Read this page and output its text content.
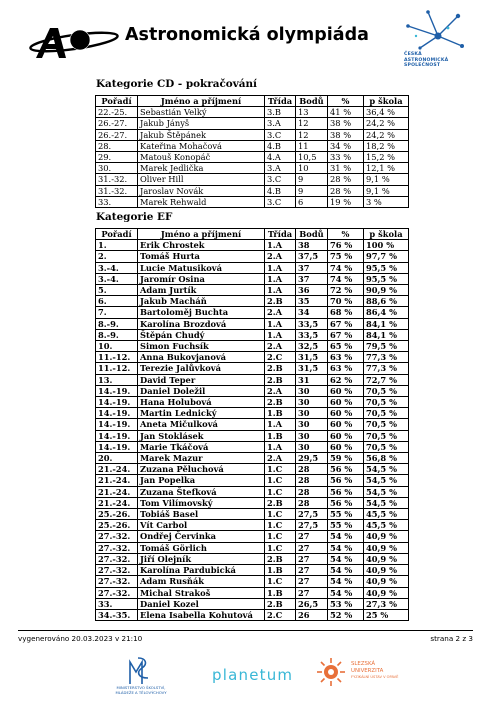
Astronomická olympiáda
ČESKÁ
ASTRONOMICKÁ
SPOLEČNOST
Kategorie CD - pokračování
Pořadí	Jméno a příjmení	Třída	Bodů	%	p škola
22.-25.	Sebastián Velký	3.B	13	41 %	36,4 %
26.-27.	Jakub Jányš	3.A	12	38 %	24,2 %
26.-27.	Jakub Štěpánek	3.C	12	38 %	24,2 %
28.	Kateřina Mohačová	4.B	11	34 %	18,2 %
29.	Matouš Konopáč	4.A	10,5	33 %	15,2 %
30.	Marek Jedlička	3.A	10	31 %	12,1 %
31.-32.	Oliver Hill	3.C	9	28 %	9,1 %
31.-32.	Jaroslav Novák	4.B	9	28 %	9,1 %
33.	Marek Rehwald	3.C	6	19 %	3 %
Kategorie EF
Pořadí	Jméno a příjmení	Třída	Bodů	%	p škola
1.	Erik Chrostek	1.A	38	76 %	100 %
2.	Tomáš Hurta	2.A	37,5	75 %	97,7 %
3.-4.	Lucie Matusiková	1.A	37	74 %	95,5 %
3.-4.	Jaromír Osina	1.A	37	74 %	95,5 %
5.	Adam Jurtík	1.A	36	72 %	90,9 %
6.	Jakub Macháň	2.B	35	70 %	88,6 %
7.	Bartoloměj Buchta	2.A	34	68 %	86,4 %
8.-9.	Karolína Brozdová	1.A	33,5	67 %	84,1 %
8.-9.	Štěpán Chudý	1.A	33,5	67 %	84,1 %
10.	Simon Fuchsík	2.A	32,5	65 %	79,5 %
11.-12.	Anna Bukovjanová	2.C	31,5	63 %	77,3 %
11.-12.	Terezie Jalůvková	2.B	31,5	63 %	77,3 %
13.	David Teper	2.B	31	62 %	72,7 %
14.-19.	Daniel Doležil	2.A	30	60 %	70,5 %
14.-19.	Hana Holubová	2.B	30	60 %	70,5 %
14.-19.	Martin Lednický	1.B	30	60 %	70,5 %
14.-19.	Aneta Mičulková	1.A	30	60 %	70,5 %
14.-19.	Jan Stoklásek	1.B	30	60 %	70,5 %
14.-19.	Marie Tkáčová	1.A	30	60 %	70,5 %
20.	Marek Mazur	2.A	29,5	59 %	56,8 %
21.-24.	Zuzana Pěluchová	1.C	28	56 %	54,5 %
21.-24.	Jan Popelka	1.C	28	56 %	54,5 %
21.-24.	Zuzana Štefková	1.C	28	56 %	54,5 %
21.-24.	Tom Vilímovský	2.B	28	56 %	54,5 %
25.-26.	Tobiáš Basel	1.C	27,5	55 %	45,5 %
25.-26.	Vít Carbol	1.C	27,5	55 %	45,5 %
27.-32.	Ondřej Červinka	1.C	27	54 %	40,9 %
27.-32.	Tomáš Görlich	1.C	27	54 %	40,9 %
27.-32.	Jiří Olejník	2.B	27	54 %	40,9 %
27.-32.	Karolína Pardubická	1.B	27	54 %	40,9 %
27.-32.	Adam Rusňák	1.C	27	54 %	40,9 %
27.-32.	Michal Strakoš	1.B	27	54 %	40,9 %
33.	Daniel Kozel	2.B	26,5	53 %	27,3 %
34.-35.	Elena Isabella Kohutová	2.C	26	52 %	25 %
vygenerováno 20.03.2023 v 21:10	strana 2 z 3
MINISTERSTVO ŠKOLSTVÍ,
MLÁDEŽE A TĚLOVÝCHOVY
planetum
SLEZSKÁ
UNIVERZITA
FYZIKÁLNÍ ÚSTAV V OPAVĚ
